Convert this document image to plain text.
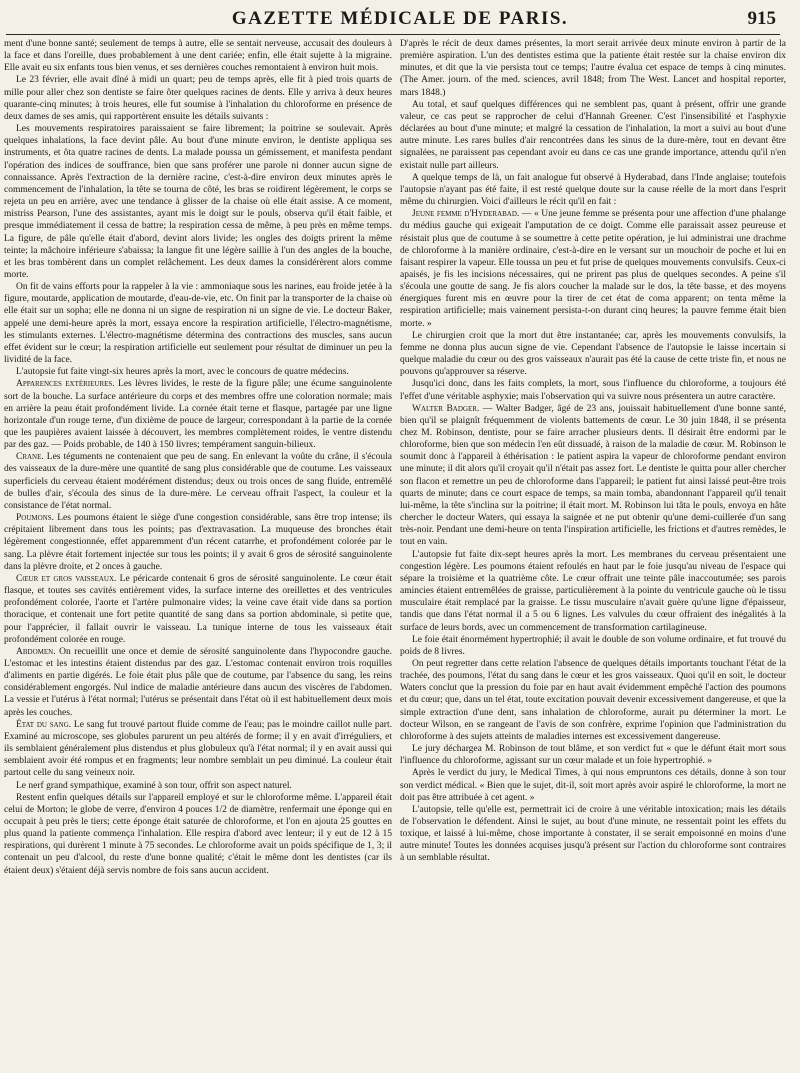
GAZETTE MÉDICALE DE PARIS.	915

ment d'une bonne santé; seulement de temps à autre, elle se sentait nerveuse, accusait des douleurs à la face et dans l'oreille, dues probablement à une dent cariée; enfin, elle était sujette à la migraine. Elle avait eu six enfants tous bien venus, et ses dernières couches remontaient à environ huit mois.

Le 23 février, elle avait dîné à midi un quart; peu de temps après, elle fit à pied trois quarts de mille pour aller chez son dentiste se faire ôter quelques racines de dents. Elle y arriva à deux heures quarante-cinq minutes; à trois heures, elle fut soumise à l'inhalation du chloroforme en présence de deux dames de ses amis, qui rapportèrent ensuite les détails suivants :

Les mouvements respiratoires paraissaient se faire librement; la poitrine se soulevait. Après quelques inhalations, la face devint pâle. Au bout d'une minute environ, le dentiste appliqua ses instruments, et ôta quatre racines de dents. La malade poussa un gémissement, et manifesta pendant l'opération des indices de souffrance, bien que sans proférer une parole ni donner aucun signe de connaissance. Après l'extraction de la dernière racine, c'est-à-dire environ deux minutes après le commencement de l'inhalation, la tête se tourna de côté, les bras se roidirent légèrement, le corps se rejeta un peu en arrière, avec une tendance à glisser de la chaise où elle était assise. A ce moment, mistriss Pearson, l'une des assistantes, ayant mis le doigt sur le pouls, observa qu'il était faible, et presque immédiatement il cessa de battre; la respiration cessa de même, à peu près en même temps. La figure, de pâle qu'elle était d'abord, devint alors livide; les ongles des doigts prirent la même teinte; la mâchoire inférieure s'abaissa; la langue fit une légère saillie à l'un des angles de la bouche, et les bras tombèrent dans un complet relâchement. Les deux dames la considérèrent alors comme morte.

On fit de vains efforts pour la rappeler à la vie : ammoniaque sous les narines, eau froide jetée à la figure, moutarde, application de moutarde, d'eau-de-vie, etc. On finit par la transporter de la chaise où elle était sur un sopha; elle ne donna ni un signe de respiration ni un signe de vie. Le docteur Baker, appelé une demi-heure après la mort, essaya encore la respiration artificielle, l'électro-magnétisme, les stimulants externes. L'électro-magnétisme détermina des contractions des muscles, sans aucun effet évident sur le cœur; la respiration artificielle eut seulement pour résultat de diminuer un peu la lividité de la face.

L'autopsie fut faite vingt-six heures après la mort, avec le concours de quatre médecins.

Apparences extérieures. Les lèvres livides, le reste de la figure pâle; une écume sanguinolente sort de la bouche. La surface antérieure du corps et des membres offre une coloration normale; mais en arrière la peau était profondément livide. La cornée était terne et flasque, partagée par une ligne horizontale d'un rouge terne, d'un dixième de pouce de largeur, correspondant à la partie de la cornée que les paupières avaient laissée à découvert, les membres complètement roides, le ventre distendu par des gaz. — Poids probable, de 140 à 150 livres; tempérament sanguin-bilieux.

Crane. Les téguments ne contenaient que peu de sang. En enlevant la voûte du crâne, il s'écoula des vaisseaux de la dure-mère une quantité de sang plus considérable que de coutume. Les vaisseaux superficiels du cerveau étaient modérément distendus; deux ou trois onces de sang fluide, entremêlé de bulles d'air, s'écoula des sinus de la dure-mère. Le cerveau offrait l'aspect, la couleur et la consistance de l'état normal.

Poumons. Les poumons étaient le siège d'une congestion considérable, sans être trop intense; ils crépitaient librement dans tous les points; pas d'extravasation. La muqueuse des bronches était légèrement congestionnée, effet apparemment d'un récent catarrhe, et profondément colorée par le sang. La plèvre était fortement injectée sur tous les points; il y avait 6 gros de sérosité sanguinolente dans la plèvre droite, et 2 onces à gauche.

Cœur et gros vaisseaux. Le péricarde contenait 6 gros de sérosité sanguinolente. Le cœur était flasque, et toutes ses cavités entièrement vides, la surface interne des oreillettes et des ventricules profondément colorée, l'aorte et l'artère pulmonaire vides; la veine cave était vide dans sa portion thoracique, et contenait une fort petite quantité de sang dans sa portion abdominale, si petite que, pour l'apprécier, il fallait ouvrir le vaisseau. La tunique interne de tous les vaisseaux était profondément colorée en rouge.

Abdomen. On recueillit une once et demie de sérosité sanguinolente dans l'hypocondre gauche. L'estomac et les intestins étaient distendus par des gaz. L'estomac contenait environ trois roquilles d'aliments en partie digérés. Le foie était plus pâle que de coutume, par l'absence du sang, les reins considérablement engorgés. Nul indice de maladie antérieure dans aucun des viscères de l'abdomen. La vessie et l'utérus à l'état normal; l'utérus se présentait dans l'état où il est habituellement deux mois après les couches.

État du sang. Le sang fut trouvé partout fluide comme de l'eau; pas le moindre caillot nulle part. Examiné au microscope, ses globules parurent un peu altérés de forme; il y en avait d'irréguliers, et ils semblaient généralement plus distendus et plus globuleux qu'à l'état normal; il y en avait aussi qui semblaient avoir été rompus et en fragments; leur nombre semblait un peu diminué. La couleur était partout celle du sang veineux noir.

Le nerf grand sympathique, examiné à son tour, offrit son aspect naturel.

Restent enfin quelques détails sur l'appareil employé et sur le chloroforme même. L'appareil était celui de Morton; le globe de verre, d'environ 4 pouces 1/2 de diamètre, renfermait une éponge qui en occupait à peu près le tiers; cette éponge était saturée de chloroforme, et l'on en ajouta 25 gouttes en plus quand la patiente commença l'inhalation. Elle respira d'abord avec lenteur; il y eut de 12 à 15 respirations, qui durèrent 1 minute à 75 secondes. Le chloroforme avait un poids spécifique de 1, 3; il contenait un peu d'alcool, du reste d'une bonne qualité; c'était le même dont les dentistes (car ils étaient deux) s'étaient déjà servis nombre de fois sans aucun accident.

D'après le récit de deux dames présentes, la mort serait arrivée deux minute environ à partir de la première aspiration. L'un des dentistes estima que la patiente était restée sur la chaise environ dix minutes, et dit que la vie persista tout ce temps; l'autre évalua cet espace de temps à cinq minutes. (The Amer. journ. of the med. sciences, avril 1848; from The West. Lancet and hospital reporter, mars 1848.)

Au total, et sauf quelques différences qui ne semblent pas, quant à présent, offrir une grande valeur, ce cas peut se rapprocher de celui d'Hannah Greener. C'est l'insensibilité et l'asphyxie déclarées au bout d'une minute; et malgré la cessation de l'inhalation, la mort a suivi au bout d'une autre minute. Les rares bulles d'air rencontrées dans les sinus de la dure-mère, tout en devant être signalées, ne paraissent pas cependant avoir eu dans ce cas une grande importance, attendu qu'il n'en existait nulle part ailleurs.

A quelque temps de là, un fait analogue fut observé à Hyderabad, dans l'Inde anglaise; toutefois l'autopsie n'ayant pas été faite, il est resté quelque doute sur la cause réelle de la mort dans l'esprit même du chirurgien. Voici d'ailleurs le récit qu'il en fait :

Jeune femme d'Hyderabad. — « Une jeune femme se présenta pour une affection d'une phalange du médius gauche qui exigeait l'amputation de ce doigt. Comme elle paraissait assez peureuse et résistait plus que de coutume à se soumettre à cette petite opération, je lui administrai une drachme de chloroforme à la manière ordinaire, c'est-à-dire en le versant sur un mouchoir de poche et lui en faisant respirer la vapeur. Elle toussa un peu et fut prise de quelques mouvements convulsifs. Ceux-ci apaisés, je fis les incisions nécessaires, qui ne prirent pas plus de quelques secondes. A peine s'il s'écoula une goutte de sang. Je fis alors coucher la malade sur le dos, la tête basse, et des moyens énergiques furent mis en œuvre pour la tirer de cet état de coma apparent; on tenta même la respiration artificielle; mais vainement persista-t-on durant cinq heures; la pauvre femme était bien morte. »

Le chirurgien croit que la mort dut être instantanée; car, après les mouvements convulsifs, la femme ne donna plus aucun signe de vie. Cependant l'absence de l'autopsie le laisse incertain si quelque maladie du cœur ou des gros vaisseaux n'aurait pas été la cause de cette triste fin, et nous ne pouvons qu'approuver sa réserve.

Jusqu'ici donc, dans les faits complets, la mort, sous l'influence du chloroforme, a toujours été l'effet d'une véritable asphyxie; mais l'observation qui va suivre nous présentera un autre caractère.

Walter Badger. — Walter Badger, âgé de 23 ans, jouissait habituellement d'une bonne santé, bien qu'il se plaignît fréquemment de violents battements de cœur. Le 30 juin 1848, il se présenta chez M. Robinson, dentiste, pour se faire arracher plusieurs dents. Il désirait être endormi par le chloroforme, bien que son médecin l'en eût dissuadé, à raison de la maladie de cœur. M. Robinson le soumit donc à l'appareil à éthérisation : le patient aspira la vapeur de chloroforme pendant environ une minute; il dit alors qu'il croyait qu'il n'était pas assez fort. Le dentiste le quitta pour aller chercher son flacon et remettre un peu de chloroforme dans l'appareil; le patient fut ainsi laissé peut-être trois quarts de minute; dans ce court espace de temps, sa main tomba, abandonnant l'appareil qu'il tenait lui-même, la tête s'inclina sur la poitrine; il était mort. M. Robinson lui tâta le pouls, envoya en hâte chercher le docteur Waters, qui essaya la saignée et ne put obtenir qu'une demi-cuillerée d'un sang très-noir. Pendant une demi-heure on tenta l'inspiration artificielle, les frictions et d'autres remèdes, le tout en vain.

L'autopsie fut faite dix-sept heures après la mort. Les membranes du cerveau présentaient une congestion légère. Les poumons étaient refoulés en haut par le foie jusqu'au niveau de l'espace qui sépare la troisième et la quatrième côte. Le cœur offrait une teinte pâle inaccoutumée; ses parois amincies étaient entremêlées de graisse, particulièrement à la pointe du ventricule gauche où le tissu musculaire était remplacé par la graisse. Le tissu musculaire n'avait guère qu'une ligne d'épaisseur, tandis que dans l'état normal il a 5 ou 6 lignes. Les valvules du cœur offraient des inégalités à la surface de leurs bords, avec un commencement de transformation cartilagineuse.

Le foie était énormément hypertrophié; il avait le double de son volume ordinaire, et fut trouvé du poids de 8 livres.

On peut regretter dans cette relation l'absence de quelques détails importants touchant l'état de la trachée, des poumons, l'état du sang dans le cœur et les gros vaisseaux. Quoi qu'il en soit, le docteur Waters conclut que la pression du foie par en haut avait évidemment empêché l'action des poumons et du cœur; que, dans un tel état, toute excitation pouvait devenir excessivement dangereuse, et que la simple extraction d'une dent, sans inhalation de chloroforme, aurait pu déterminer la mort. Le docteur Wilson, en se rangeant de l'avis de son confrère, exprime l'opinion que l'administration du chloroforme à des sujets atteints de maladies internes est excessivement dangereuse.

Le jury déchargea M. Robinson de tout blâme, et son verdict fut « que le défunt était mort sous l'influence du chloroforme, agissant sur un cœur malade et un foie hypertrophié. »

Après le verdict du jury, le Medical Times, à qui nous empruntons ces détails, donne à son tour son verdict médical. « Bien que le sujet, dit-il, soit mort après avoir aspiré le chloroforme, la mort ne doit pas être attribuée à cet agent. »

L'autopsie, telle qu'elle est, permettrait ici de croire à une véritable intoxication; mais les détails de l'observation le défendent. Ainsi le sujet, au bout d'une minute, ne ressentait point les effets du toxique, et laissé à lui-même, chose importante à constater, il se serait empoisonné en moins d'une autre minute! Toutes les données acquises jusqu'à présent sur l'action du chloroforme sont contraires à un semblable résultat.
